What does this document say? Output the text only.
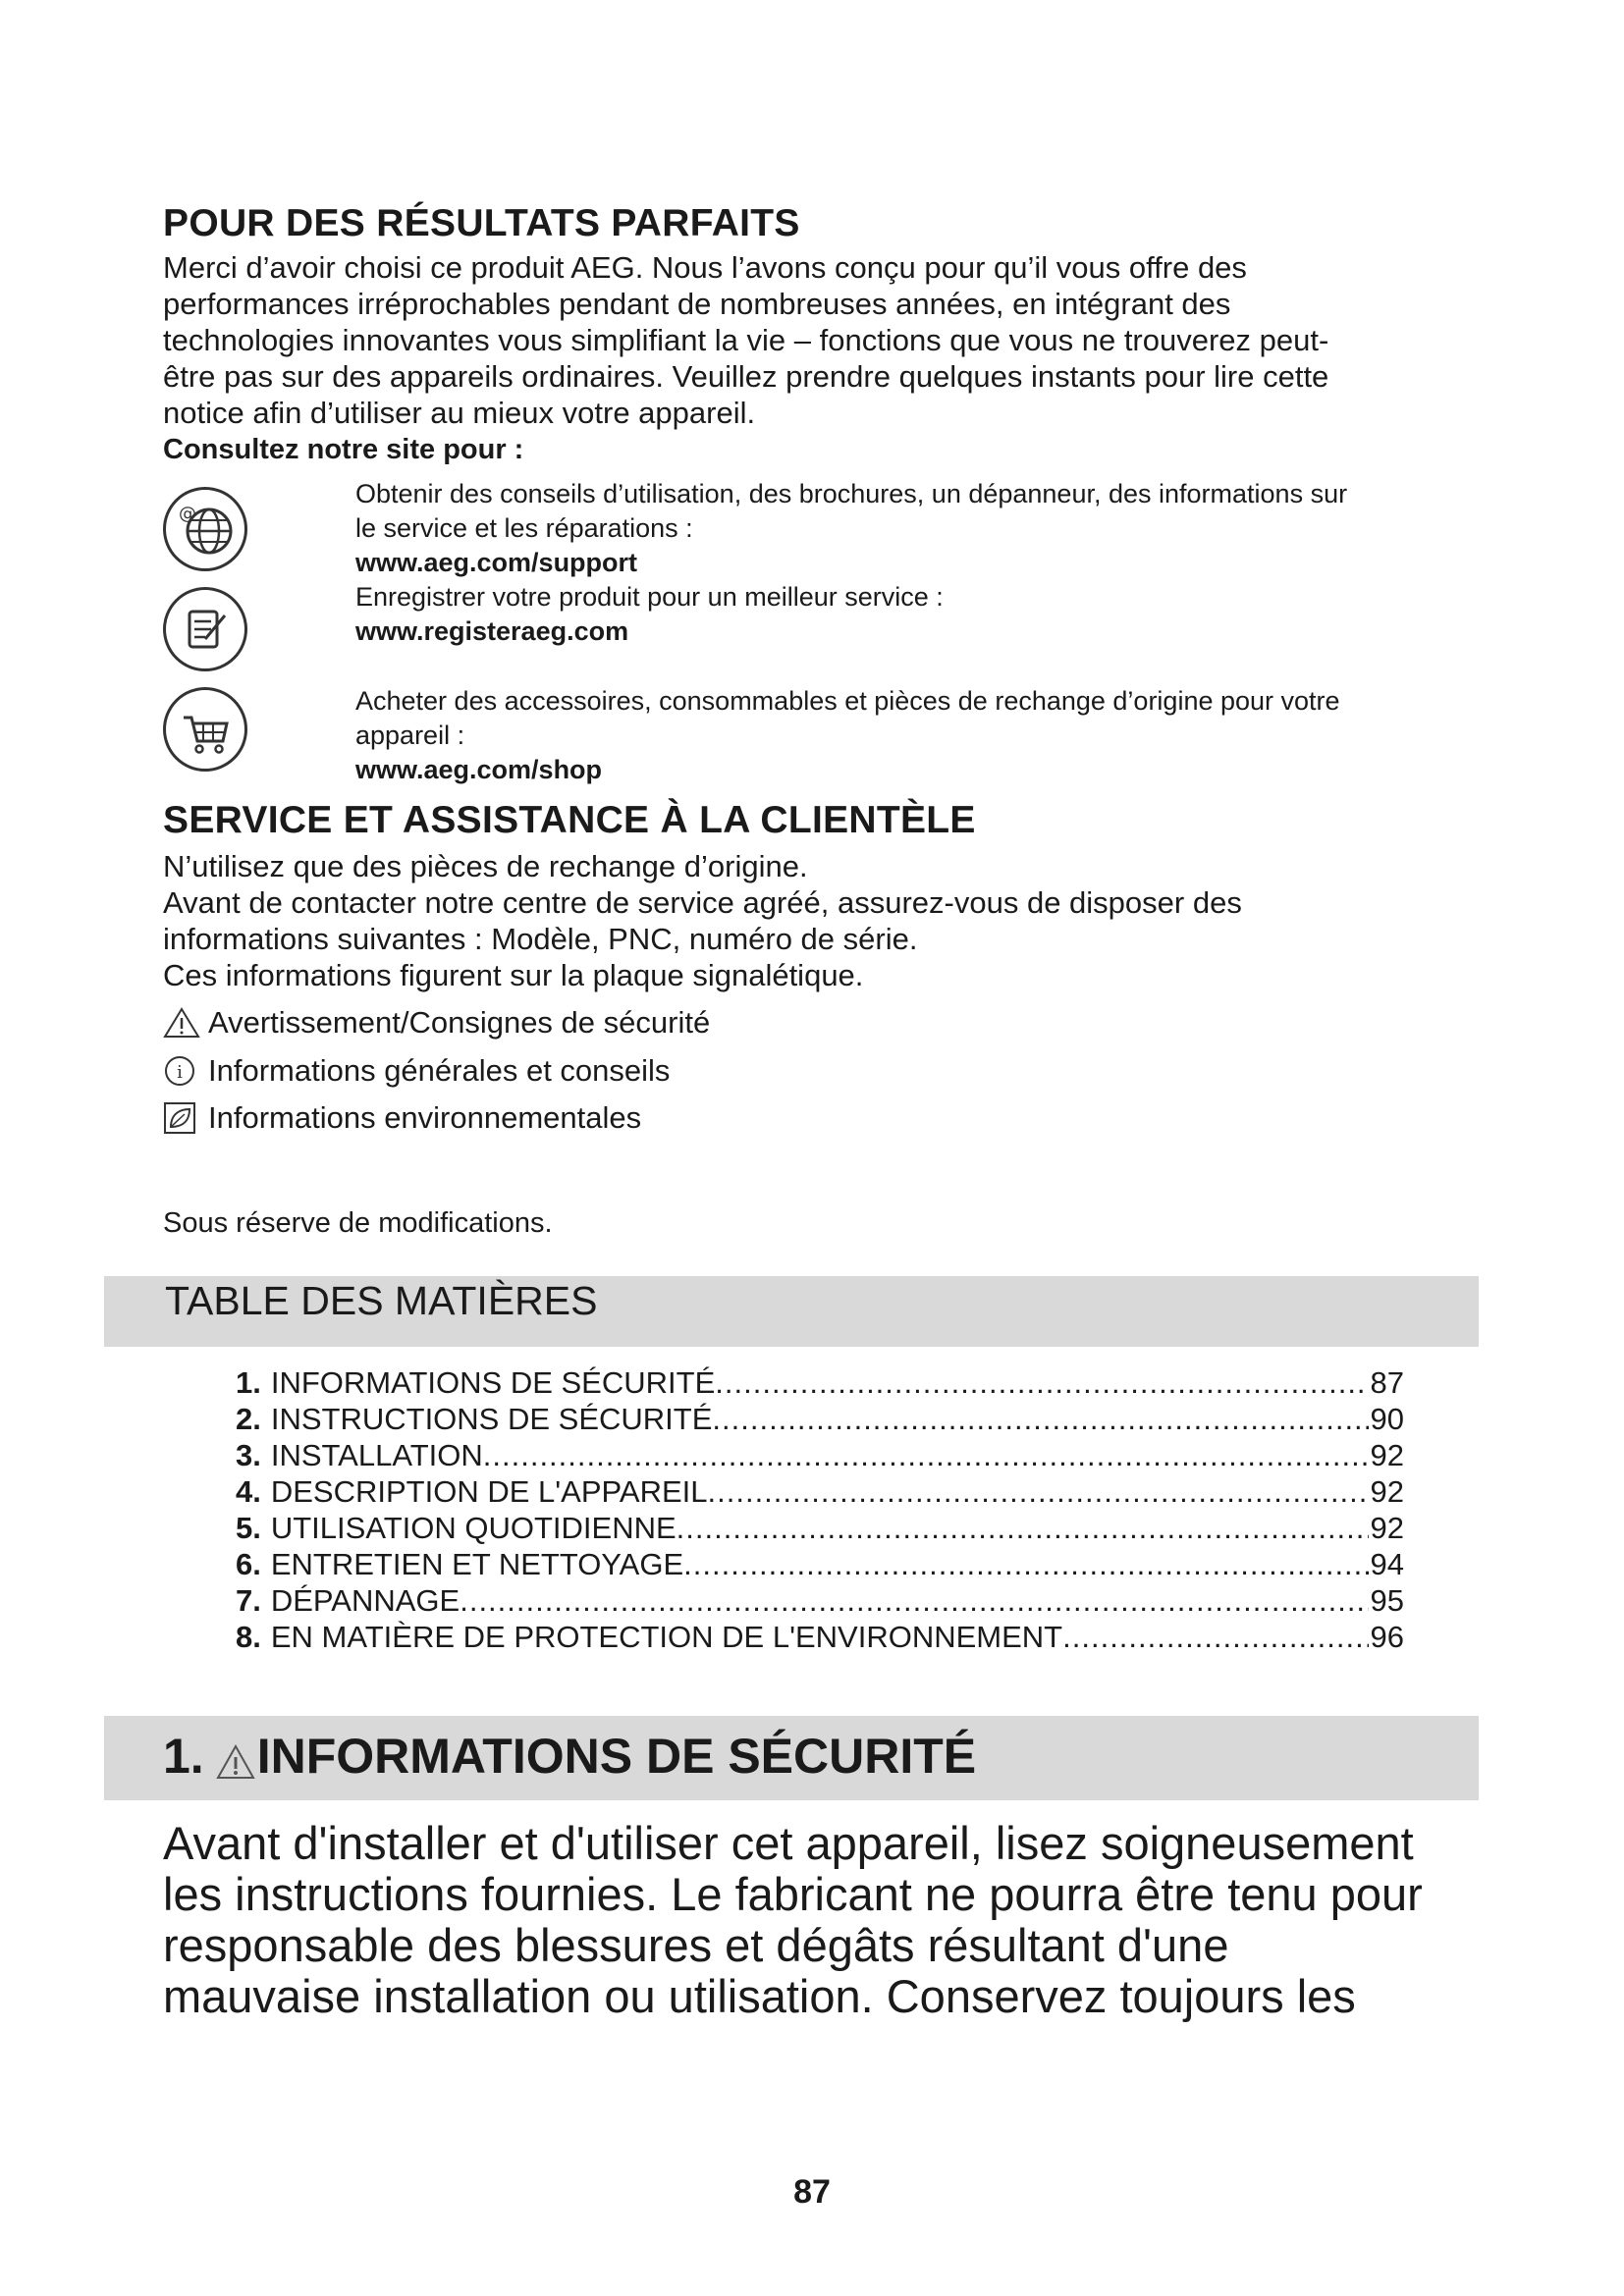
POUR DES RÉSULTATS PARFAITS
Merci d’avoir choisi ce produit AEG. Nous l’avons conçu pour qu’il vous offre des
performances irréprochables pendant de nombreuses années, en intégrant des
technologies innovantes vous simplifiant la vie – fonctions que vous ne trouverez peut-
être pas sur des appareils ordinaires. Veuillez prendre quelques instants pour lire cette
notice afin d’utiliser au mieux votre appareil.
Consultez notre site pour :
@
Obtenir des conseils d’utilisation, des brochures, un dépanneur, des informations sur
le service et les réparations :
www.aeg.com/support
Enregistrer votre produit pour un meilleur service :
www.registeraeg.com
Acheter des accessoires, consommables et pièces de rechange d’origine pour votre
appareil :
www.aeg.com/shop
SERVICE ET ASSISTANCE À LA CLIENTÈLE
N’utilisez que des pièces de rechange d’origine.
Avant de contacter notre centre de service agréé, assurez-vous de disposer des
informations suivantes : Modèle, PNC, numéro de série.
Ces informations figurent sur la plaque signalétique.
Avertissement/Consignes de sécurité
i Informations générales et conseils
Informations environnementales
Sous réserve de modifications.
TABLE DES MATIÈRES
1. INFORMATIONS DE SÉCURITÉ .....	87
2. INSTRUCTIONS DE SÉCURITÉ .....	90
3. INSTALLATION .....	92
4. DESCRIPTION DE L'APPAREIL .....	92
5. UTILISATION QUOTIDIENNE .....	92
6. ENTRETIEN ET NETTOYAGE .....	94
7. DÉPANNAGE .....	95
8. EN MATIÈRE DE PROTECTION DE L'ENVIRONNEMENT .....	96
1. INFORMATIONS DE SÉCURITÉ
Avant d'installer et d'utiliser cet appareil, lisez soigneusement
les instructions fournies. Le fabricant ne pourra être tenu pour
responsable des blessures et dégâts résultant d'une
mauvaise installation ou utilisation. Conservez toujours les
87
